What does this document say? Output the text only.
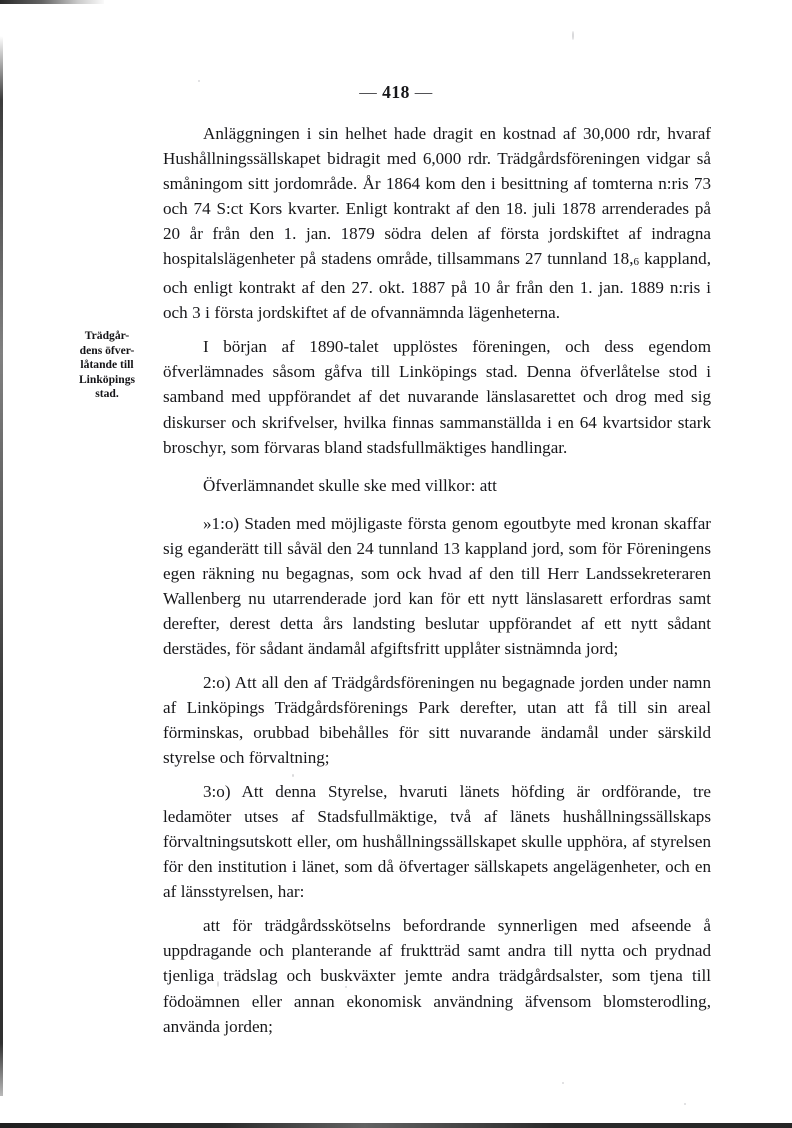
— 418 —
Trädgår-
dens öfver-
låtande till
Linköpings
stad.

Anläggningen i sin helhet hade dragit en kostnad af 30,000 rdr, hvaraf Hushållningssällskapet bidragit med 6,000 rdr. Trädgårdsföreningen vidgar så småningom sitt jordområde. År 1864 kom den i besittning af tomterna n:ris 73 och 74 S:ct Kors kvarter. Enligt kontrakt af den 18. juli 1878 arrenderades på 20 år från den 1. jan. 1879 södra delen af första jordskiftet af indragna hospitalslägenheter på stadens område, tillsammans 27 tunnland 18,6 kappland, och enligt kontrakt af den 27. okt. 1887 på 10 år från den 1. jan. 1889 n:ris i och 3 i första jordskiftet af de ofvannämnda lägenheterna.

I början af 1890-talet upplöstes föreningen, och dess egendom öfverlämnades såsom gåfva till Linköpings stad. Denna öfverlåtelse stod i samband med uppförandet af det nuvarande länslasarettet och drog med sig diskurser och skrifvelser, hvilka finnas sammanställda i en 64 kvartsidor stark broschyr, som förvaras bland stadsfullmäktiges handlingar.

Öfverlämnandet skulle ske med villkor: att

»1:o) Staden med möjligaste första genom egoutbyte med kronan skaffar sig eganderätt till såväl den 24 tunnland 13 kappland jord, som för Föreningens egen räkning nu begagnas, som ock hvad af den till Herr Landssekreteraren Wallenberg nu utarrenderade jord kan för ett nytt länslasarett erfordras samt derefter, derest detta års landsting beslutar uppförandet af ett nytt sådant derstädes, för sådant ändamål afgiftsfritt upplåter sistnämnda jord;

2:o) Att all den af Trädgårdsföreningen nu begagnade jorden under namn af Linköpings Trädgårdsförenings Park derefter, utan att få till sin areal förminskas, orubbad bibehålles för sitt nuvarande ändamål under särskild styrelse och förvaltning;

3:o) Att denna Styrelse, hvaruti länets höfding är ordförande, tre ledamöter utses af Stadsfullmäktige, två af länets hushållningssällskaps förvaltningsutskott eller, om hushållningssällskapet skulle upphöra, af styrelsen för den institution i länet, som då öfvertager sällskapets angelägenheter, och en af länsstyrelsen, har:

att för trädgårdsskötselns befordrande synnerligen med afseende å uppdragande och planterande af fruktträd samt andra till nytta och prydnad tjenliga trädslag och buskväxter jemte andra trädgårdsalster, som tjena till födoämnen eller annan ekonomisk användning äfvensom blomsterodling, använda jorden;
